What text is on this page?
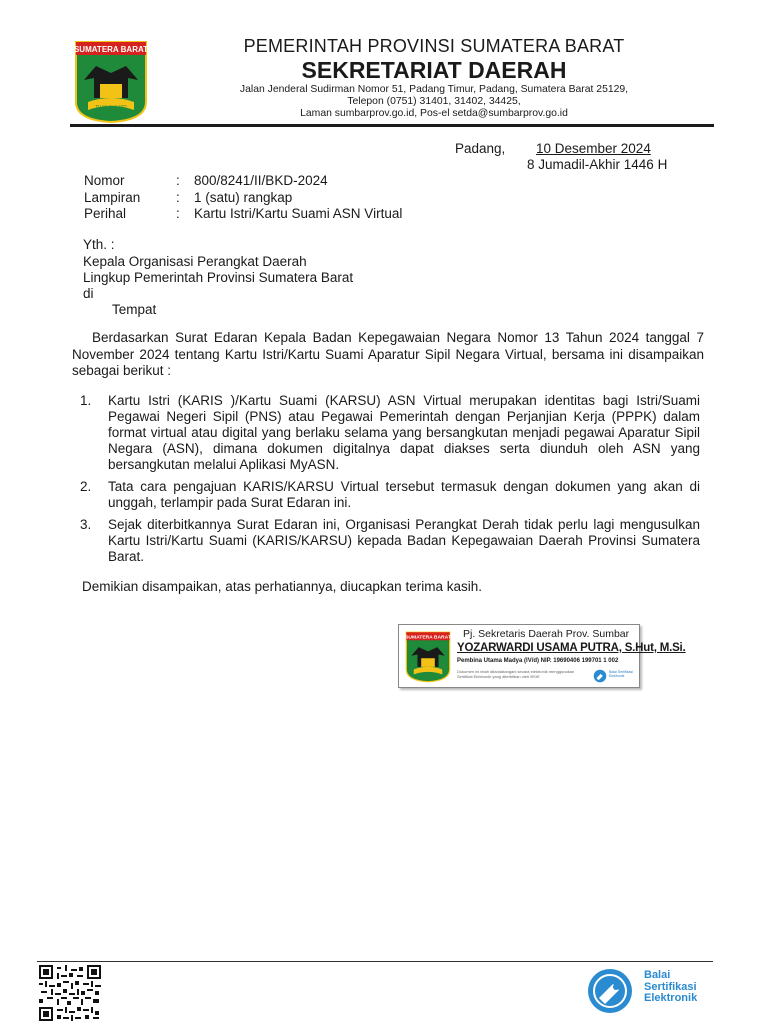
SUMATERA BARAT
TUAH SAKATO
PEMERINTAH PROVINSI SUMATERA BARAT
SEKRETARIAT DAERAH
Jalan Jenderal Sudirman Nomor 51, Padang Timur, Padang, Sumatera Barat 25129,
Telepon (0751) 31401, 31402, 34425,
Laman sumbarprov.go.id, Pos-el setda@sumbarprov.go.id
Padang, 10 Desember 2024
8 Jumadil-Akhir 1446 H
Nomor	: 800/8241/II/BKD-2024
Lampiran	: 1 (satu) rangkap
Perihal	: Kartu Istri/Kartu Suami ASN Virtual
Yth. :
Kepala Organisasi Perangkat Daerah
Lingkup Pemerintah Provinsi Sumatera Barat
di
Tempat
Berdasarkan Surat Edaran Kepala Badan Kepegawaian Negara Nomor 13 Tahun 2024 tanggal 7 November 2024 tentang Kartu Istri/Kartu Suami Aparatur Sipil Negara Virtual, bersama ini disampaikan sebagai berikut :
1. Kartu Istri (KARIS )/Kartu Suami (KARSU) ASN Virtual merupakan identitas bagi Istri/Suami Pegawai Negeri Sipil (PNS) atau Pegawai Pemerintah dengan Perjanjian Kerja (PPPK) dalam format virtual atau digital yang berlaku selama yang bersangkutan menjadi pegawai Aparatur Sipil Negara (ASN), dimana dokumen digitalnya dapat diakses serta diunduh oleh ASN yang bersangkutan melalui Aplikasi MyASN.
2. Tata cara pengajuan KARIS/KARSU Virtual tersebut termasuk dengan dokumen yang akan di unggah, terlampir pada Surat Edaran ini.
3. Sejak diterbitkannya Surat Edaran ini, Organisasi Perangkat Derah tidak perlu lagi mengusulkan Kartu Istri/Kartu Suami (KARIS/KARSU) kepada Badan Kepegawaian Daerah Provinsi Sumatera Barat.
Demikian disampaikan, atas perhatiannya, diucapkan terima kasih.
SUMATERA BARAT Pj. Sekretaris Daerah Prov. Sumbar
YOZARWARDI USAMA PUTRA, S.Hut, M.Si.
Pembina Utama Madya (IV/d) NIP. 19690406 199701 1 002
Dokumen ini telah ditandatangani secara elektronik menggunakan Sertifikat Elektronik yang diterbitkan oleh BSrE
Balai Sertifikasi Elektronik
Balai
Sertifikasi
Elektronik
